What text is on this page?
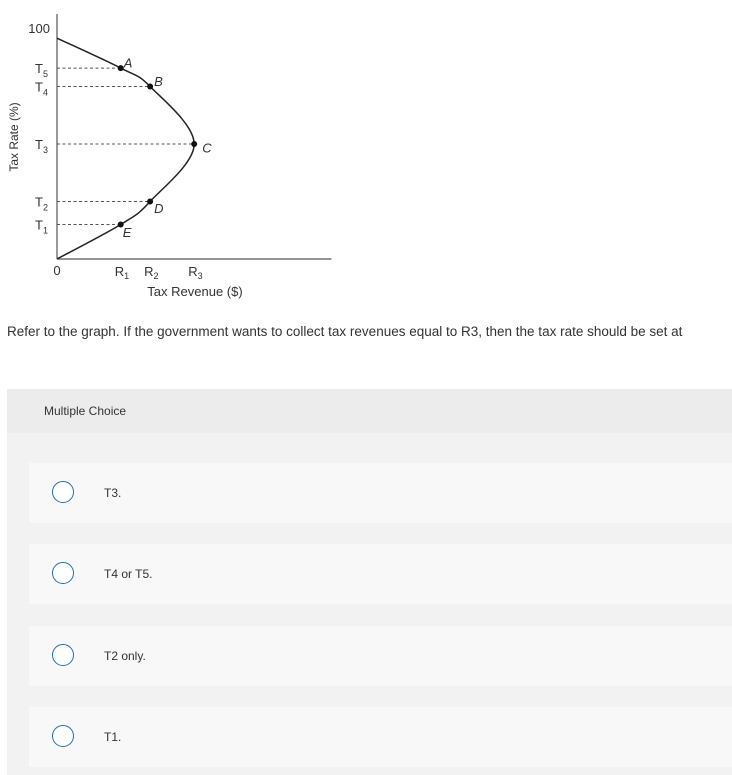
Tax Rate (%)
100
0
A
$T_5$	B
$T_4$
C
$T_3$
D
$T_2$
E
$T_1$
$R_1$ $R_2$ $R_3$
Tax Revenue ($)
Refer to the graph. If the government wants to collect tax revenues equal to R3, then the tax rate should be set at
Multiple Choice
T3.
T4 or T5.
T2 only.
T1.
